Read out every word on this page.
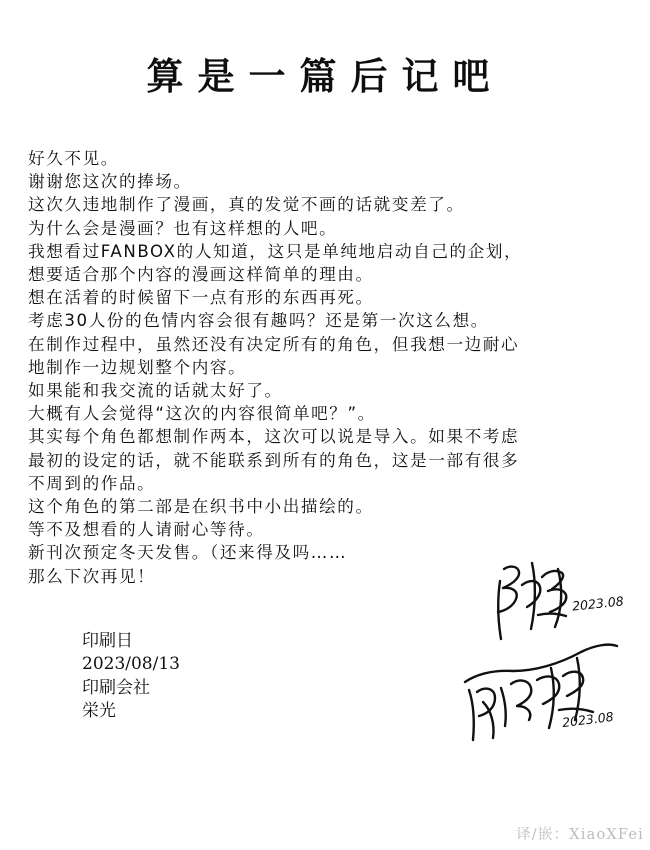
算是一篇后记吧
好久不见。
谢谢您这次的捧场。
这次久违地制作了漫画，真的发觉不画的话就变差了。
为什么会是漫画？也有这样想的人吧。
我想看过FANBOX的人知道，这只是单纯地启动自己的企划，
想要适合那个内容的漫画这样简单的理由。
想在活着的时候留下一点有形的东西再死。
考虑30人份的色情内容会很有趣吗？还是第一次这么想。
在制作过程中，虽然还没有决定所有的角色，但我想一边耐心
地制作一边规划整个内容。
如果能和我交流的话就太好了。
大概有人会觉得“这次的内容很简单吧？”。
其实每个角色都想制作两本，这次可以说是导入。如果不考虑
最初的设定的话，就不能联系到所有的角色，这是一部有很多
不周到的作品。
这个角色的第二部是在织书中小出描绘的。
等不及想看的人请耐心等待。
新刊次预定冬天发售。（还来得及吗……
那么下次再见！
印刷日
2023/08/13
印刷会社
栄光
2023.08
2023.08
译/嵌：XiaoXFei
